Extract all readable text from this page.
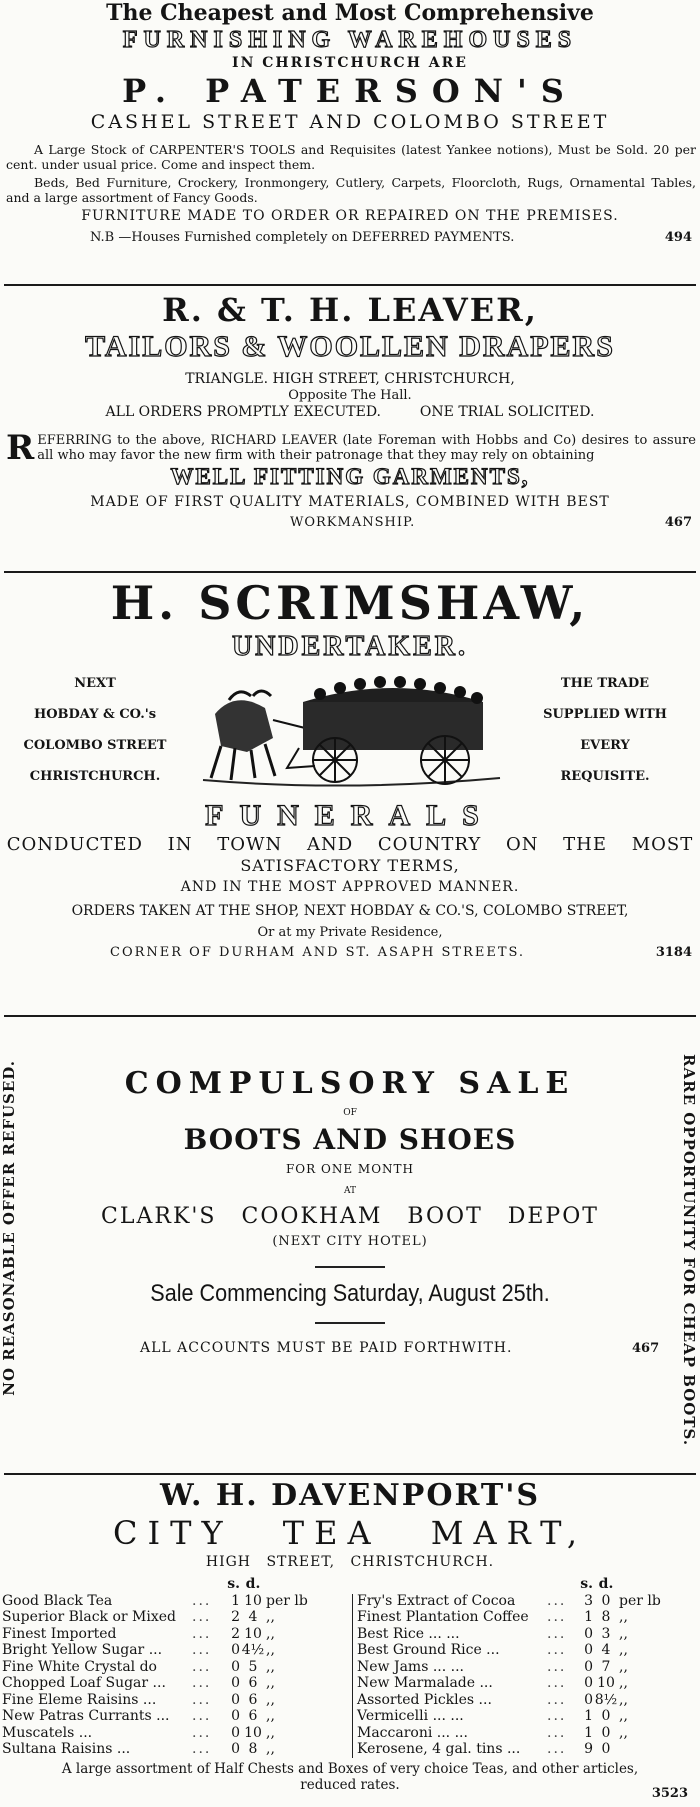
The Cheapest and Most Comprehensive
FURNISHING WAREHOUSES
IN CHRISTCHURCH ARE
P. PATERSON'S
CASHEL STREET AND COLOMBO STREET
A Large Stock of CARPENTER'S TOOLS and Requisites (latest Yankee notions), Must be Sold. 20 per cent. under usual price. Come and inspect them.
Beds, Bed Furniture, Crockery, Ironmongery, Cutlery, Carpets, Floorcloth, Rugs, Ornamental Tables, and a large assortment of Fancy Goods.
FURNITURE MADE TO ORDER OR REPAIRED ON THE PREMISES.
N.B —Houses Furnished completely on DEFERRED PAYMENTS.	494
R. & T. H. LEAVER,
TAILORS & WOOLLEN DRAPERS
TRIANGLE. HIGH STREET, CHRISTCHURCH,
Opposite The Hall.
ALL ORDERS PROMPTLY EXECUTED.	ONE TRIAL SOLICITED.
R EFERRING to the above, RICHARD LEAVER (late Foreman with Hobbs and Co) desires to assure all who may favor the new firm with their patronage that they may rely on obtaining
WELL FITTING GARMENTS,
MADE OF FIRST QUALITY MATERIALS, COMBINED WITH BEST
WORKMANSHIP.	467
H. SCRIMSHAW,
UNDERTAKER.
NEXT
HOBDAY & CO.'s
COLOMBO STREET
CHRISTCHURCH.
THE TRADE
SUPPLIED WITH
EVERY
REQUISITE.
FUNERALS
CONDUCTED IN TOWN AND COUNTRY ON THE MOST
SATISFACTORY TERMS,
AND IN THE MOST APPROVED MANNER.
ORDERS TAKEN AT THE SHOP, NEXT HOBDAY & CO.'S, COLOMBO STREET,
Or at my Private Residence,
CORNER OF DURHAM AND ST. ASAPH STREETS.	3184
NO REASONABLE OFFER REFUSED.	RARE OPPORTUNITY FOR CHEAP BOOTS.
COMPULSORY SALE
OF
BOOTS AND SHOES
FOR ONE MONTH
AT
CLARK'S COOKHAM BOOT DEPOT
(NEXT CITY HOTEL)
Sale Commencing Saturday, August 25th.
ALL ACCOUNTS MUST BE PAID FORTHWITH.	467
W. H. DAVENPORT'S
CITY TEA MART,
HIGH STREET, CHRISTCHURCH.
		s.	d.	
Good Black Tea	...	1	10	per lb
Superior Black or Mixed	...	2	4	,,
Finest Imported	...	2	10	,,
Bright Yellow Sugar ...	...	0	4½	,,
Fine White Crystal do	...	0	5	,,
Chopped Loaf Sugar ...	...	0	6	,,
Fine Eleme Raisins ...	...	0	6	,,
New Patras Currants ...	...	0	6	,,
Muscatels ...	...	0	10	,,
Sultana Raisins ...	...	0	8	,,
		s.	d.	
Fry's Extract of Cocoa	...	3	0	per lb
Finest Plantation Coffee	...	1	8	,,
Best Rice ... ...	...	0	3	,,
Best Ground Rice ...	...	0	4	,,
New Jams ... ...	...	0	7	,,
New Marmalade ...	...	0	10	,,
Assorted Pickles ...	...	0	8½	,,
Vermicelli ... ...	...	1	0	,,
Maccaroni ... ...	...	1	0	,,
Kerosene, 4 gal. tins ...	...	9	0	
A large assortment of Half Chests and Boxes of very choice Teas, and other articles, reduced rates.
3523
